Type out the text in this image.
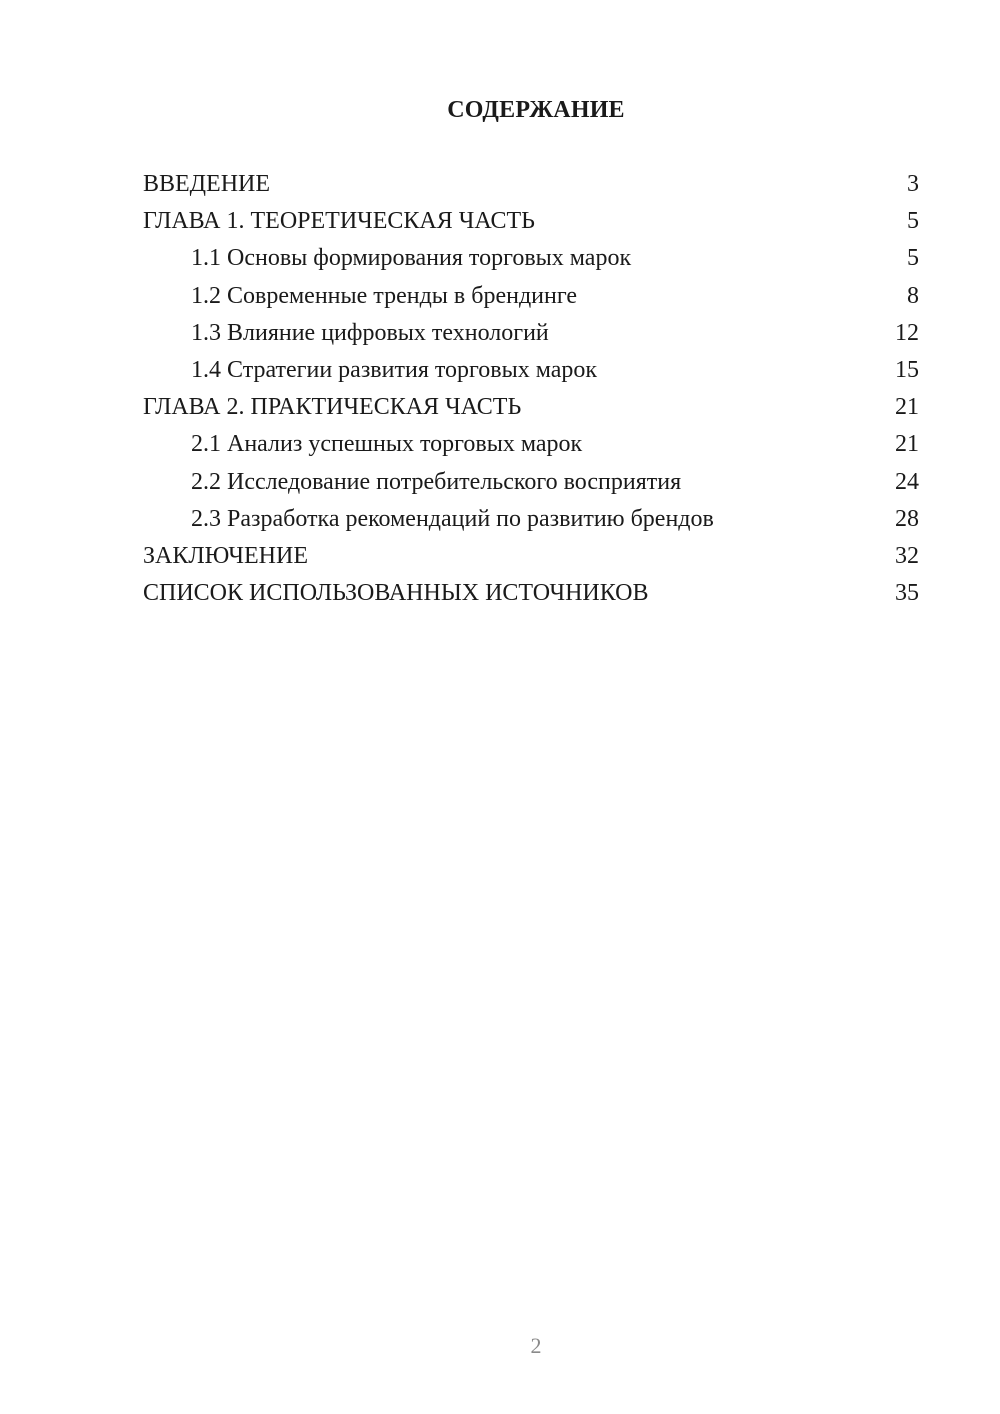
СОДЕРЖАНИЕ
ВВЕДЕНИЕ	3
ГЛАВА 1. ТЕОРЕТИЧЕСКАЯ ЧАСТЬ	5
1.1 Основы формирования торговых марок	5
1.2 Современные тренды в брендинге	8
1.3 Влияние цифровых технологий	12
1.4 Стратегии развития торговых марок	15
ГЛАВА 2. ПРАКТИЧЕСКАЯ ЧАСТЬ	21
2.1 Анализ успешных торговых марок	21
2.2 Исследование потребительского восприятия	24
2.3 Разработка рекомендаций по развитию брендов	28
ЗАКЛЮЧЕНИЕ	32
СПИСОК ИСПОЛЬЗОВАННЫХ ИСТОЧНИКОВ	35
2
